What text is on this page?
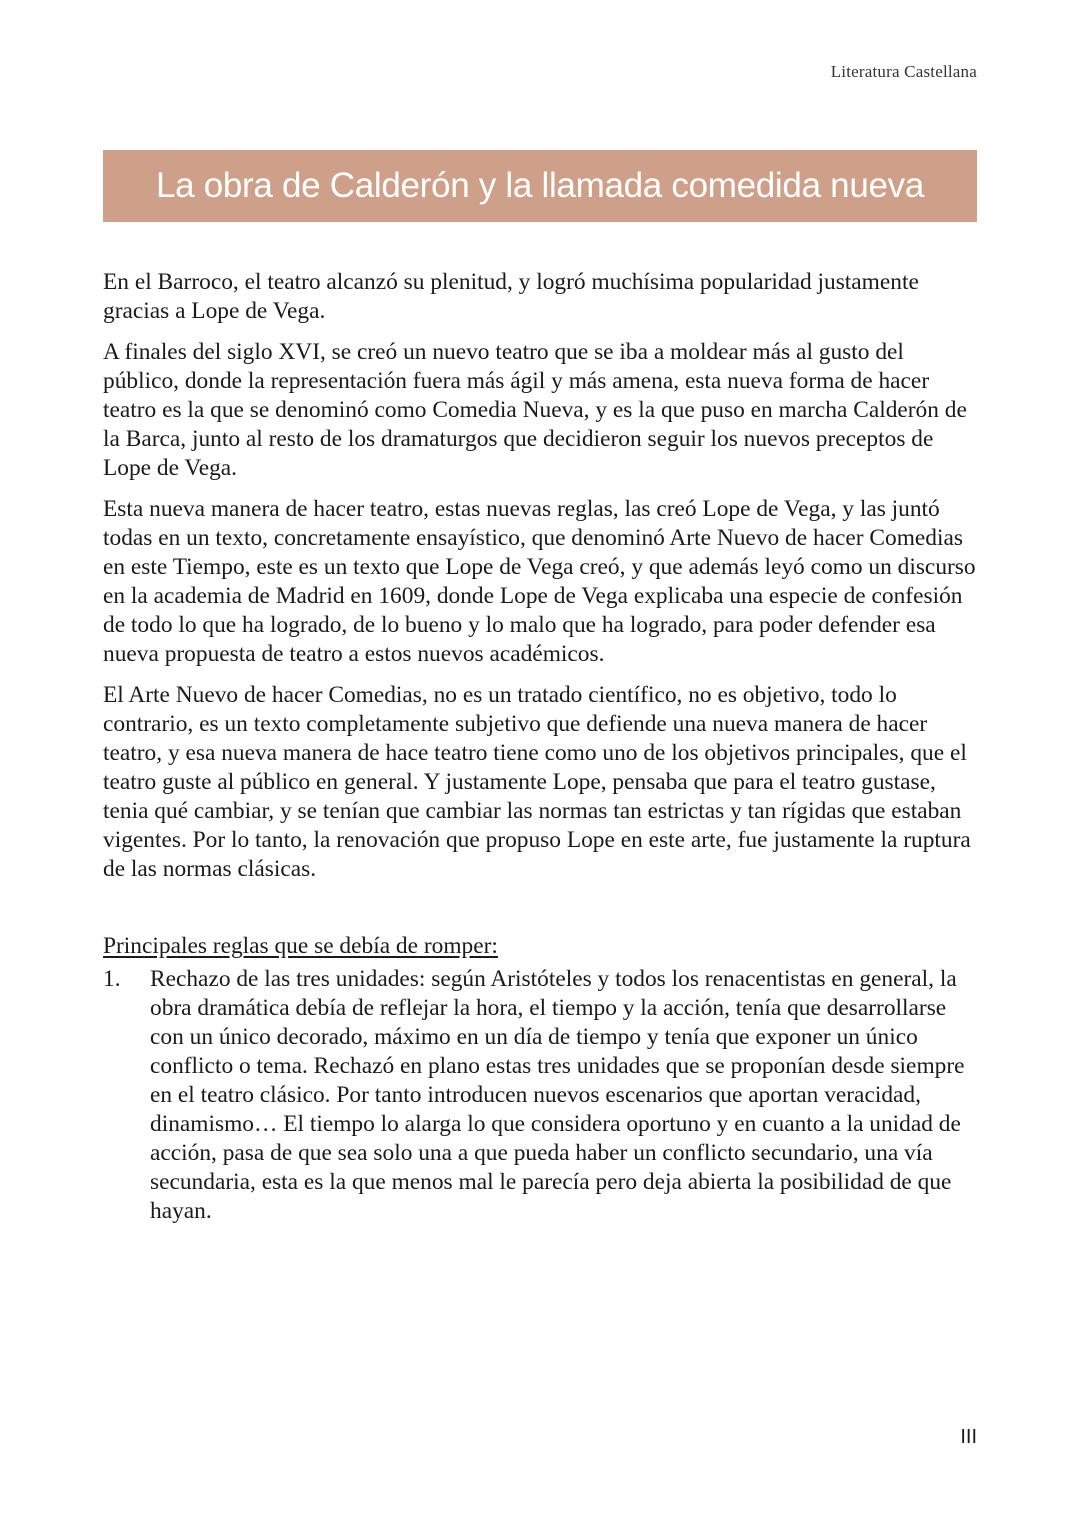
Literatura Castellana
La obra de Calderón y la llamada comedida nueva

En el Barroco, el teatro alcanzó su plenitud, y logró muchísima popularidad justamente gracias a Lope de Vega.

A finales del siglo XVI, se creó un nuevo teatro que se iba a moldear más al gusto del público, donde la representación fuera más ágil y más amena, esta nueva forma de hacer teatro es la que se denominó como Comedia Nueva, y es la que puso en marcha Calderón de la Barca, junto al resto de los dramaturgos que decidieron seguir los nuevos preceptos de Lope de Vega.

Esta nueva manera de hacer teatro, estas nuevas reglas, las creó Lope de Vega, y las juntó todas en un texto, concretamente ensayístico, que denominó Arte Nuevo de hacer Comedias en este Tiempo, este es un texto que Lope de Vega creó, y que además leyó como un discurso en la academia de Madrid en 1609, donde Lope de Vega explicaba una especie de confesión de todo lo que ha logrado, de lo bueno y lo malo que ha logrado, para poder defender esa nueva propuesta de teatro a estos nuevos académicos.

El Arte Nuevo de hacer Comedias, no es un tratado científico, no es objetivo, todo lo contrario, es un texto completamente subjetivo que defiende una nueva manera de hacer teatro, y esa nueva manera de hace teatro tiene como uno de los objetivos principales, que el teatro guste al público en general. Y justamente Lope, pensaba que para el teatro gustase, tenia qué cambiar, y se tenían que cambiar las normas tan estrictas y tan rígidas que estaban vigentes. Por lo tanto, la renovación que propuso Lope en este arte, fue justamente la ruptura de las normas clásicas.

Principales reglas que se debía de romper:

1.	Rechazo de las tres unidades: según Aristóteles y todos los renacentistas en general, la obra dramática debía de reflejar la hora, el tiempo y la acción, tenía que desarrollarse con un único decorado, máximo en un día de tiempo y tenía que exponer un único conflicto o tema. Rechazó en plano estas tres unidades que se proponían desde siempre en el teatro clásico. Por tanto introducen nuevos escenarios que aportan veracidad, dinamismo… El tiempo lo alarga lo que considera oportuno y en cuanto a la unidad de acción, pasa de que sea solo una a que pueda haber un conflicto secundario, una vía secundaria, esta es la que menos mal le parecía pero deja abierta la posibilidad de que hayan.
III
